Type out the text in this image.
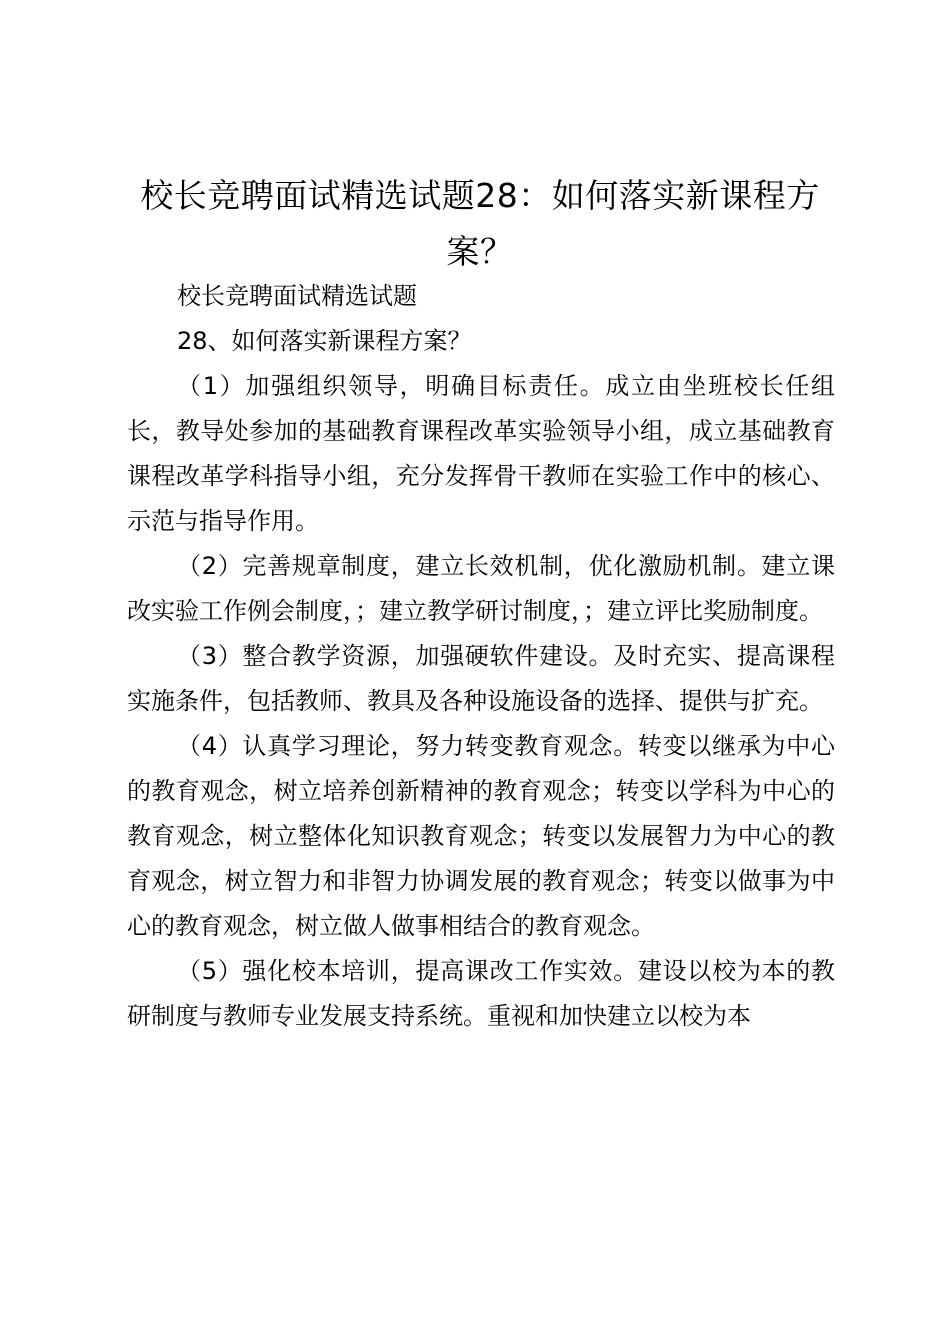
校长竞聘面试精选试题28：如何落实新课程方案？

校长竞聘面试精选试题

28、如何落实新课程方案？

（1）加强组织领导，明确目标责任。成立由坐班校长任组长，教导处参加的基础教育课程改革实验领导小组，成立基础教育课程改革学科指导小组，充分发挥骨干教师在实验工作中的核心、示范与指导作用。

（2）完善规章制度，建立长效机制，优化激励机制。建立课改实验工作例会制度，；建立教学研讨制度，；建立评比奖励制度。

（3）整合教学资源，加强硬软件建设。及时充实、提高课程实施条件，包括教师、教具及各种设施设备的选择、提供与扩充。

（4）认真学习理论，努力转变教育观念。转变以继承为中心的教育观念，树立培养创新精神的教育观念；转变以学科为中心的教育观念，树立整体化知识教育观念；转变以发展智力为中心的教育观念，树立智力和非智力协调发展的教育观念；转变以做事为中心的教育观念，树立做人做事相结合的教育观念。

（5）强化校本培训，提高课改工作实效。建设以校为本的教研制度与教师专业发展支持系统。重视和加快建立以校为本
